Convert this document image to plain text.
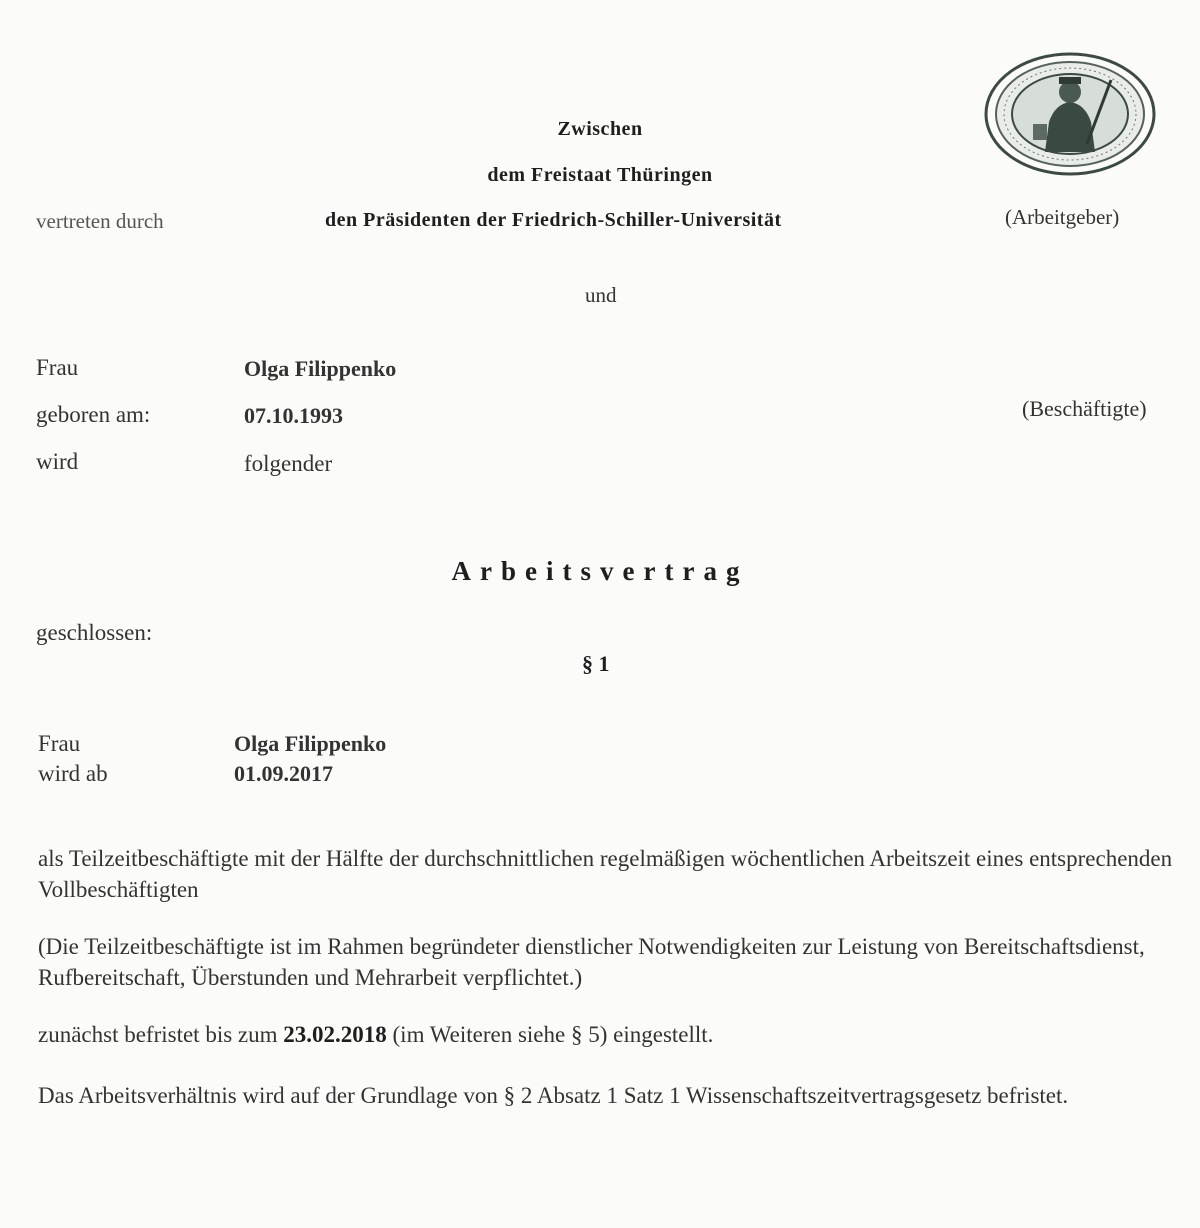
Zwischen
dem Freistaat Thüringen
vertreten durch	den Präsidenten der Friedrich-Schiller-Universität	(Arbeitgeber)
und
Frau	Olga Filippenko
geboren am:	07.10.1993	(Beschäftigte)
wird	folgender
Arbeitsvertrag
geschlossen:
§ 1
Frau	Olga Filippenko
wird ab	01.09.2017
als Teilzeitbeschäftigte mit der Hälfte der durchschnittlichen regelmäßigen wöchentlichen Arbeitszeit eines entsprechenden Vollbeschäftigten
(Die Teilzeitbeschäftigte ist im Rahmen begründeter dienstlicher Notwendigkeiten zur Leistung von Bereitschaftsdienst, Rufbereitschaft, Überstunden und Mehrarbeit verpflichtet.)
zunächst befristet bis zum 23.02.2018 (im Weiteren siehe § 5) eingestellt.
Das Arbeitsverhältnis wird auf der Grundlage von § 2 Absatz 1 Satz 1 Wissenschaftszeitvertragsgesetz befristet.
